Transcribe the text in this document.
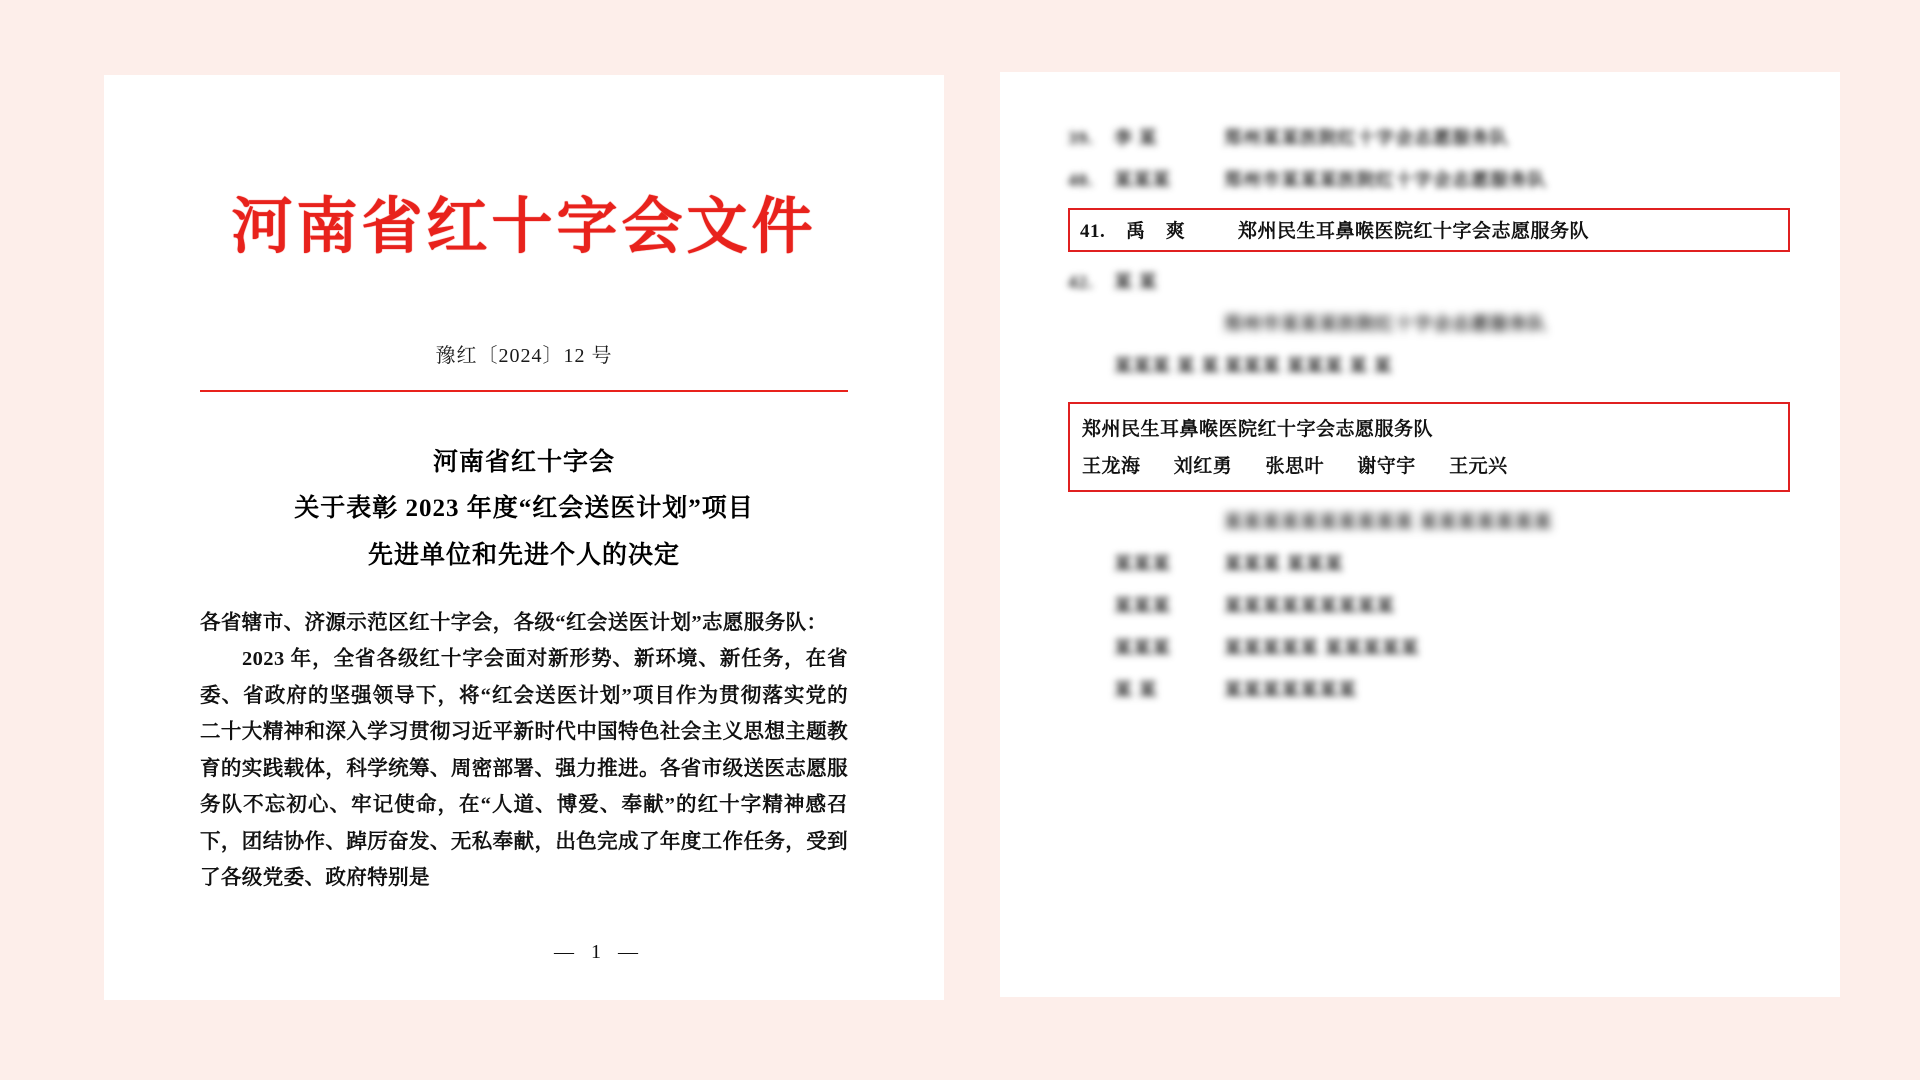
河南省红十字会文件
豫红〔2024〕12 号
河南省红十字会
关于表彰 2023 年度“红会送医计划”项目
先进单位和先进个人的决定

各省辖市、济源示范区红十字会，各级“红会送医计划”志愿服务队：

2023 年，全省各级红十字会面对新形势、新环境、新任务，在省委、省政府的坚强领导下，将“红会送医计划”项目作为贯彻落实党的二十大精神和深入学习贯彻习近平新时代中国特色社会主义思想主题教育的实践载体，科学统筹、周密部署、强力推进。各省市级送医志愿服务队不忘初心、牢记使命，在“人道、博爱、奉献”的红十字精神感召下，团结协作、踔厉奋发、无私奉献，出色完成了年度工作任务，受到了各级党委、政府特别是

— 1 —
39.	李 某	郑州某某医院红十字会志愿服务队
40.	某某某	郑州市某某某医院红十字会志愿服务队
41.	禹 爽	郑州民生耳鼻喉医院红十字会志愿服务队
42.	某 某
郑州市某某某医院红十字会志愿服务队
某某某 某 某 某某某 某某某 某 某
郑州民生耳鼻喉医院红十字会志愿服务队
王龙海 刘红勇 张思叶 谢守宇 王元兴
某某某某某某某某某某 某某某某某某某
某某某	某某某 某某某
某某某	某某某某某某某某某
某某某	某某某某某 某某某某某
某 某	某某某某某某某
